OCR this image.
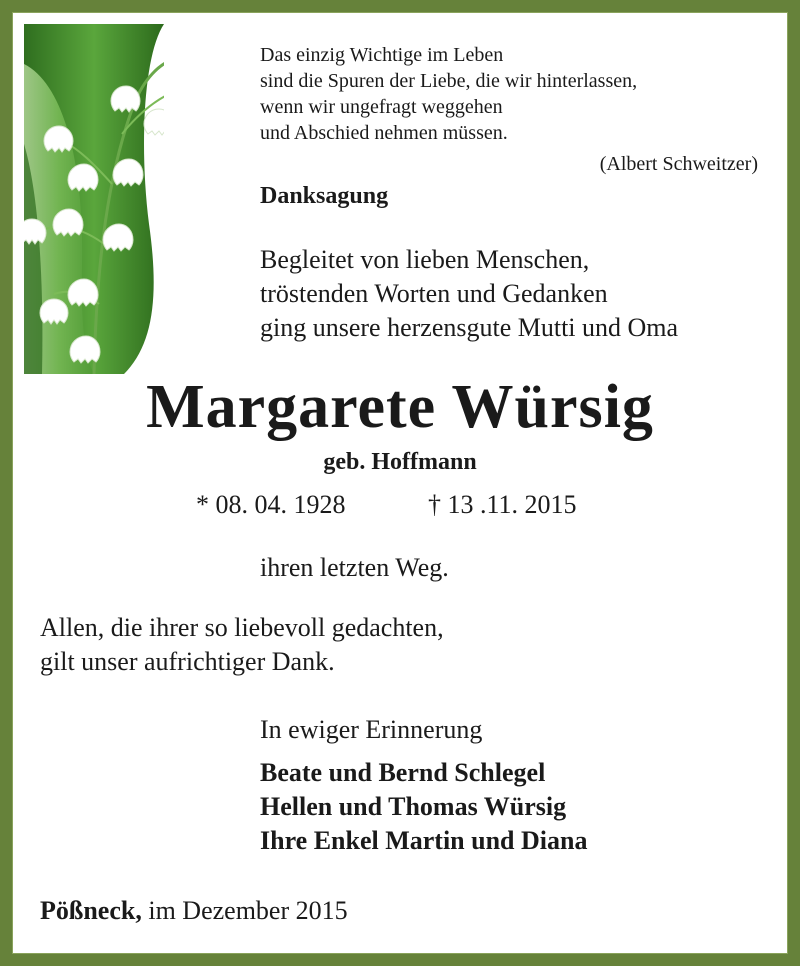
Das einzig Wichtige im Leben
sind die Spuren der Liebe, die wir hinterlassen,
wenn wir ungefragt weggehen
und Abschied nehmen müssen.
(Albert Schweitzer)
Danksagung
Begleitet von lieben Menschen,
tröstenden Worten und Gedanken
ging unsere herzensgute Mutti und Oma
Margarete Würsig
geb. Hoffmann
* 08. 04. 1928	† 13 .11. 2015
ihren letzten Weg.
Allen, die ihrer so liebevoll gedachten,
gilt unser aufrichtiger Dank.
In ewiger Erinnerung
Beate und Bernd Schlegel
Hellen und Thomas Würsig
Ihre Enkel Martin und Diana
Pößneck, im Dezember 2015
